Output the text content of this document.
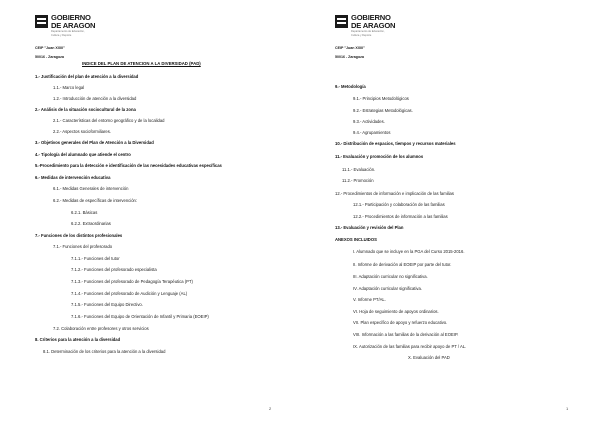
GOBIERNO
DE ARAGON
Departamento de Educación,
Cultura y Deporte
CEIP "Juan XXIII"
50016 - Zaragoza
INDICE DEL PLAN DE ATENCION A LA DIVERSIDAD (PAD)
1.- Justificación del plan de atención a la diversidad
1.1.- Marco legal
1.2.- Introducción de atención a la diversidad
2.- Análisis de la situación sociocultural de la zona
2.1.- Características del entorno geográfico y de la localidad
2.2.- Aspectos socioformiliares.
3.- Objetivos generales del Plan de Atención a la Diversidad
4.- Tipología del alumnado que atiende el centro
5.-Procedimiento para la detección e identificación de las necesidades educativas específicas
6.- Medidas de intervención educativa
6.1.- Medidas Generales de intervención
6.2.- Medidas de específicas de intervención:
6.2.1. Básicas
6.2.2. Extraordinarias
7.- Funciones de los distintos profesionales
7.1.- Funciones del profesorado
7.1.1.- Funciones del tutor
7.1.2.- Funciones del profesorado especialista
7.1.3.- Funciones del profesorado de Pedagogía Terapéutica (PT)
7.1.4.- Funciones del profesorado de Audición y Lenguaje (AL)
7.1.5.- Funciones del Equipo Directivo.
7.1.6.- Funciones del Equipo de Orientación de Infantil y Primaria (EOEIP)
7.2. Colaboración entre profesores y otros servicios
8. Criterios para la atención a la diversidad
8.1. Determinación de los criterios para la atención a la diversidad
2
GOBIERNO
DE ARAGON
Departamento de Educación,
Cultura y Deporte
CEIP "Juan XXIII"
50016 - Zaragoza
9.- Metodología
9.1.- Principios Metodológicos
9.2.- Estrategias Metodológicas.
9.3.- Actividades.
9.4.- Agrupamientos
10.- Distribución de espacios, tiempos y recursos materiales
11.- Evaluación y promoción de los alumnos
11.1.- Evaluación.
11.2.- Promoción
12.- Procedimientos de información e implicación de las familias
12.1.- Participación y colaboración de las familias
12.2.- Procedimientos de información a las familias
13.- Evaluación y revisión del Plan
ANEXOS INCLUIDOS
I. Alumnado que se incluye en la PGA del Curso 2015-2016.
II. Informe de derivación al EOEIP por parte del tutor.
III. Adaptación curricular no significativa.
IV. Adaptación curricular significativa.
V. Informe PT/AL.
VI. Hoja de seguimiento de apoyos ordinarios.
VII. Plan específico de apoyo y refuerzo educativo.
VIII. Información a las familias de la derivación al EOEIP.
IX. Autorización de las familias para recibir apoyo de PT / AL.
X. Evaluación del PAD
1
